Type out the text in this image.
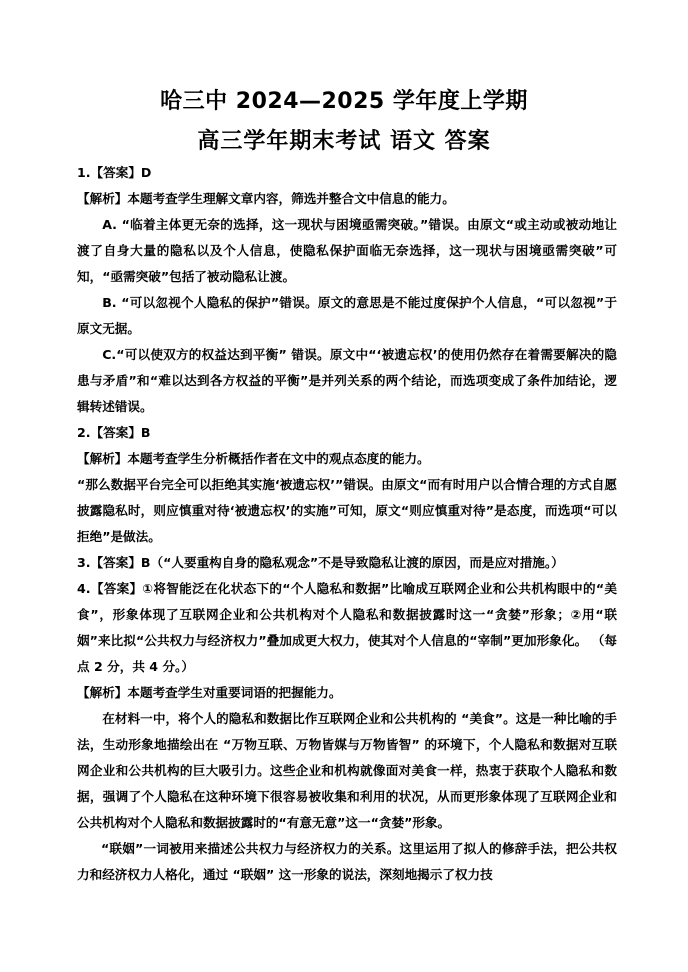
哈三中 2024—2025 学年度上学期
高三学年期末考试 语文 答案

1.【答案】D

【解析】本题考查学生理解文章内容，筛选并整合文中信息的能力。

A. “临着主体更无奈的选择，这一现状与困境亟需突破。”错误。由原文“或主动或被动地让渡了自身大量的隐私以及个人信息，使隐私保护面临无奈选择，这一现状与困境亟需突破”可知，“亟需突破”包括了被动隐私让渡。

B. “可以忽视个人隐私的保护”错误。原文的意思是不能过度保护个人信息，“可以忽视”于原文无据。

C.“可以使双方的权益达到平衡” 错误。原文中“‘被遗忘权’的使用仍然存在着需要解决的隐患与矛盾”和“难以达到各方权益的平衡”是并列关系的两个结论，而选项变成了条件加结论，逻辑转述错误。

2.【答案】B

【解析】本题考查学生分析概括作者在文中的观点态度的能力。

“那么数据平台完全可以拒绝其实施‘被遗忘权’”错误。由原文“而有时用户以合情合理的方式自愿披露隐私时，则应慎重对待‘被遗忘权’的实施”可知，原文“则应慎重对待”是态度，而选项“可以拒绝”是做法。

3.【答案】B（“人要重构自身的隐私观念”不是导致隐私让渡的原因，而是应对措施。）

4.【答案】①将智能泛在化状态下的“个人隐私和数据”比喻成互联网企业和公共机构眼中的“美食”，形象体现了互联网企业和公共机构对个人隐私和数据披露时这一“贪婪”形象；②用“联姻”来比拟“公共权力与经济权力”叠加成更大权力，使其对个人信息的“宰制”更加形象化。 （每点 2 分，共 4 分。）

【解析】本题考查学生对重要词语的把握能力。

在材料一中，将个人的隐私和数据比作互联网企业和公共机构的 “美食”。这是一种比喻的手法，生动形象地描绘出在 “万物互联、万物皆媒与万物皆智” 的环境下，个人隐私和数据对互联网企业和公共机构的巨大吸引力。这些企业和机构就像面对美食一样，热衷于获取个人隐私和数据，强调了个人隐私在这种环境下很容易被收集和利用的状况，从而更形象体现了互联网企业和公共机构对个人隐私和数据披露时的“有意无意”这一“贪婪”形象。

“联姻”一词被用来描述公共权力与经济权力的关系。这里运用了拟人的修辞手法，把公共权力和经济权力人格化，通过 “联姻” 这一形象的说法，深刻地揭示了权力技
